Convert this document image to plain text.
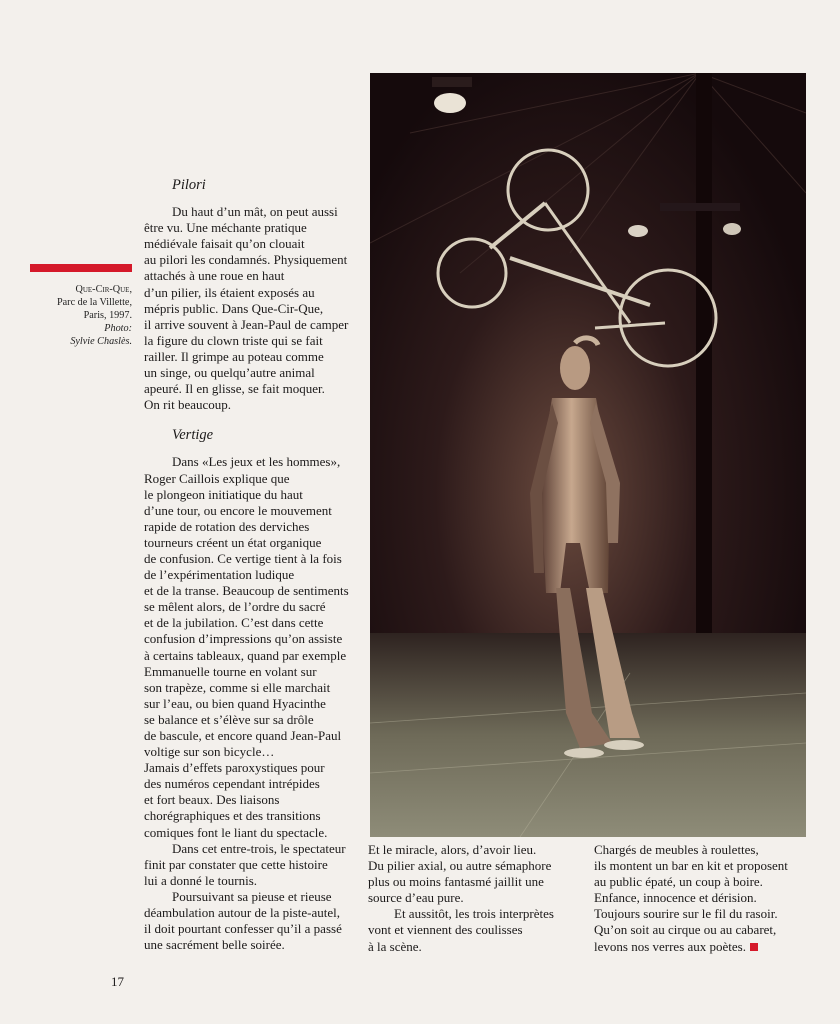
Que-Cir-Que,
Parc de la Villette,
Paris, 1997.
Photo:
Sylvie Chaslès.
Pilori

Du haut d’un mât, on peut aussi
être vu. Une méchante pratique
médiévale faisait qu’on clouait
au pilori les condamnés. Physiquement
attachés à une roue en haut
d’un pilier, ils étaient exposés au
mépris public. Dans Que-Cir-Que,
il arrive souvent à Jean-Paul de camper
la figure du clown triste qui se fait
railler. Il grimpe au poteau comme
un singe, ou quelqu’autre animal
apeuré. Il en glisse, se fait moquer.
On rit beaucoup.

Vertige

Dans «Les jeux et les hommes»,
Roger Caillois explique que
le plongeon initiatique du haut
d’une tour, ou encore le mouvement
rapide de rotation des derviches
tourneurs créent un état organique
de confusion. Ce vertige tient à la fois
de l’expérimentation ludique
et de la transe. Beaucoup de sentiments
se mêlent alors, de l’ordre du sacré
et de la jubilation. C’est dans cette
confusion d’impressions qu’on assiste
à certains tableaux, quand par exemple
Emmanuelle tourne en volant sur
son trapèze, comme si elle marchait
sur l’eau, ou bien quand Hyacinthe
se balance et s’élève sur sa drôle
de bascule, et encore quand Jean-Paul
voltige sur son bicycle…
Jamais d’effets paroxystiques pour
des numéros cependant intrépides
et fort beaux. Des liaisons
chorégraphiques et des transitions
comiques font le liant du spectacle.

Dans cet entre-trois, le spectateur
finit par constater que cette histoire
lui a donné le tournis.

Poursuivant sa pieuse et rieuse
déambulation autour de la piste-autel,
il doit pourtant confesser qu’il a passé
une sacrément belle soirée.

Et le miracle, alors, d’avoir lieu.
Du pilier axial, ou autre sémaphore
plus ou moins fantasmé jaillit une
source d’eau pure.

Et aussitôt, les trois interprètes
vont et viennent des coulisses
à la scène.

Chargés de meubles à roulettes,
ils montent un bar en kit et proposent
au public épaté, un coup à boire.
Enfance, innocence et dérision.
Toujours sourire sur le fil du rasoir.
Qu’on soit au cirque ou au cabaret,
levons nos verres aux poètes.

17
